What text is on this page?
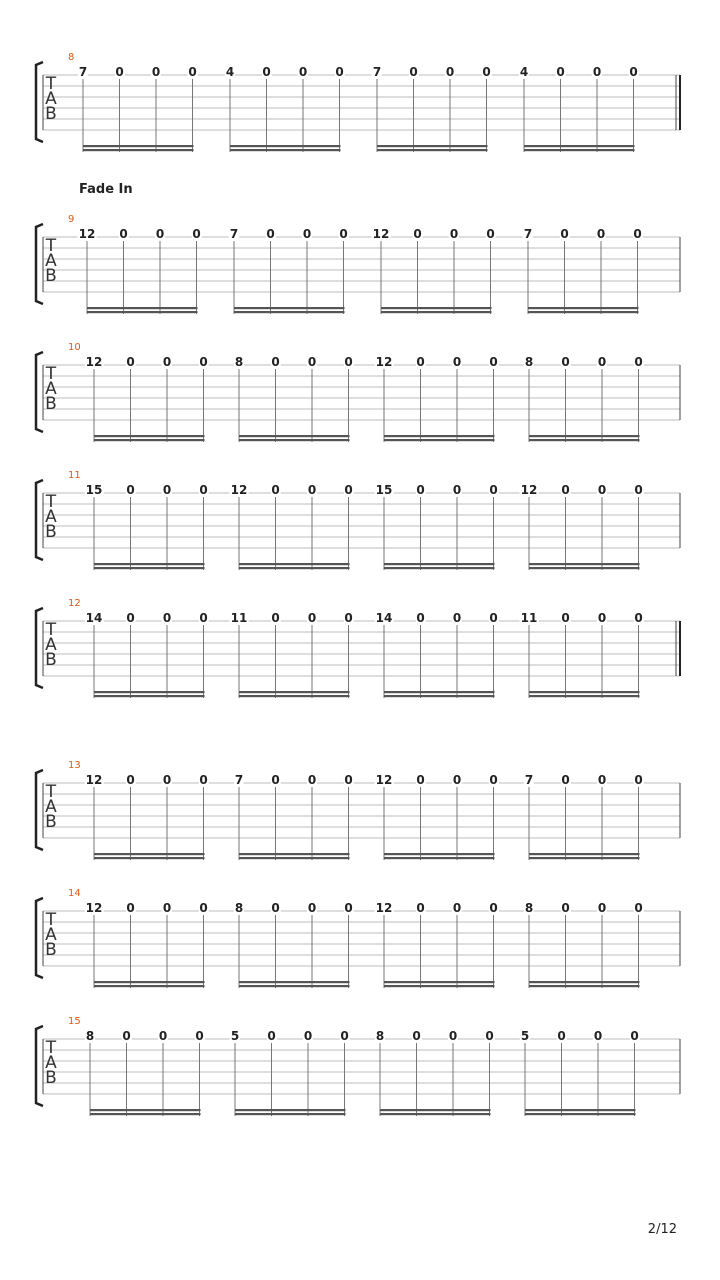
Fade In
8
T
A
B
7 0 0 0 4 0 0 0 7 0 0 0 4 0 0 0
9
T
A
B
12 0 0 0 7 0 0 0 12 0 0 0 7 0 0 0
10
T
A
B
12 0 0 0 8 0 0 0 12 0 0 0 8 0 0 0
11
T
A
B
15 0 0 0 12 0 0 0 15 0 0 0 12 0 0 0
12
T
A
B
14 0 0 0 11 0 0 0 14 0 0 0 11 0 0 0
13
T
A
B
12 0 0 0 7 0 0 0 12 0 0 0 7 0 0 0
14
T
A
B
12 0 0 0 8 0 0 0 12 0 0 0 8 0 0 0
15
T
A
B
8 0 0 0 5 0 0 0 8 0 0 0 5 0 0 0
2/12
